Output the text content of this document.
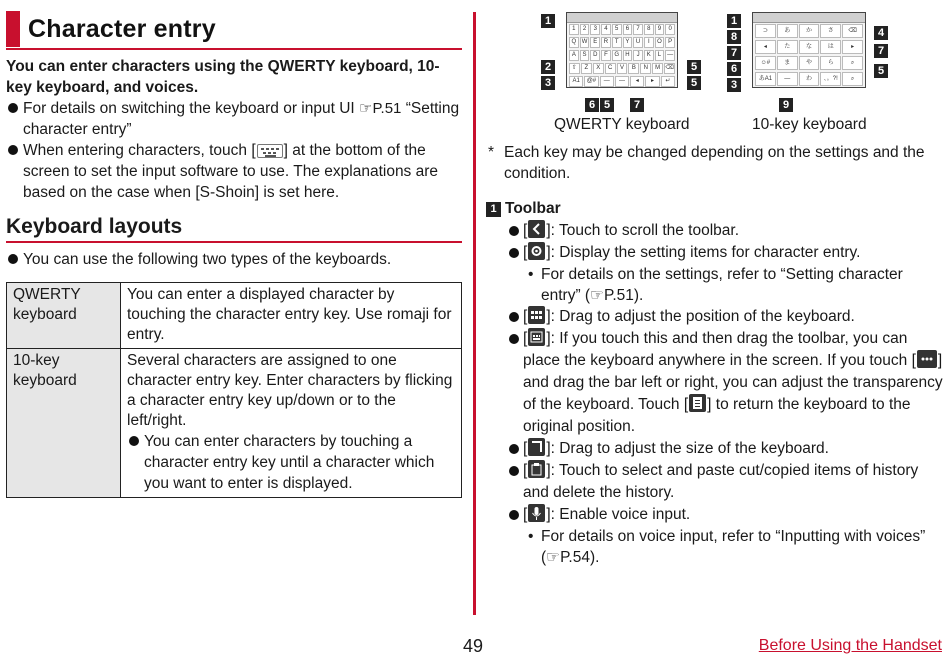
Character entry

You can enter characters using the QWERTY keyboard, 10-key keyboard, and voices.

For details on switching the keyboard or input UI ☞P.51 “Setting character entry”
When entering characters, touch [ ] at the bottom of the screen to set the input software to use. The explanations are based on the case when [S-Shoin] is set here.
Keyboard layouts
You can use the following two types of the keyboards.
QWERTY keyboard	You can enter a displayed character by touching the character entry key. Use romaji for entry.
10-key keyboard	Several characters are assigned to one character entry key. Enter characters by flicking a character entry key up/down or to the left/right.
You can enter characters by touching a character entry key until a character which you want to enter is displayed.
1	2	3	4	5	6	7	8	9	0
Q W E	R	T	Y	U	I	O	P
A	S	D	F	G	H	J	K	L	—
⇧	Z	X	C	V	B	N	M ⌫
A1	@#	—	—	◂	▸	↵
⊃	あ	か	さ	⌫
◂	た	な	は	▸
☺#	ま	や	ら	⌕
あA1	—	わ	、。?!	⌕
1
2
3
5
5
6 5	7
1
8
7
6
3
4
7
5
9
QWERTY keyboard	10-key keyboard
* Each key may be changed depending on the settings and the condition.
1 Toolbar
[ ]: Touch to scroll the toolbar.
[ ]: Display the setting items for character entry.
• For details on the settings, refer to “Setting character entry” (☞P.51).
[ ]: Drag to adjust the position of the keyboard.
[ ]: If you touch this and then drag the toolbar, you can place the keyboard anywhere in the screen. If you touch [ ] and drag the bar left or right, you can adjust the transparency of the keyboard. Touch [ ] to return the keyboard to the original position.
[ ]: Drag to adjust the size of the keyboard.
[ ]: Touch to select and paste cut/copied items of history and delete the history.
[ ]: Enable voice input.
• For details on voice input, refer to “Inputting with voices” (☞P.54).
49	Before Using the Handset
